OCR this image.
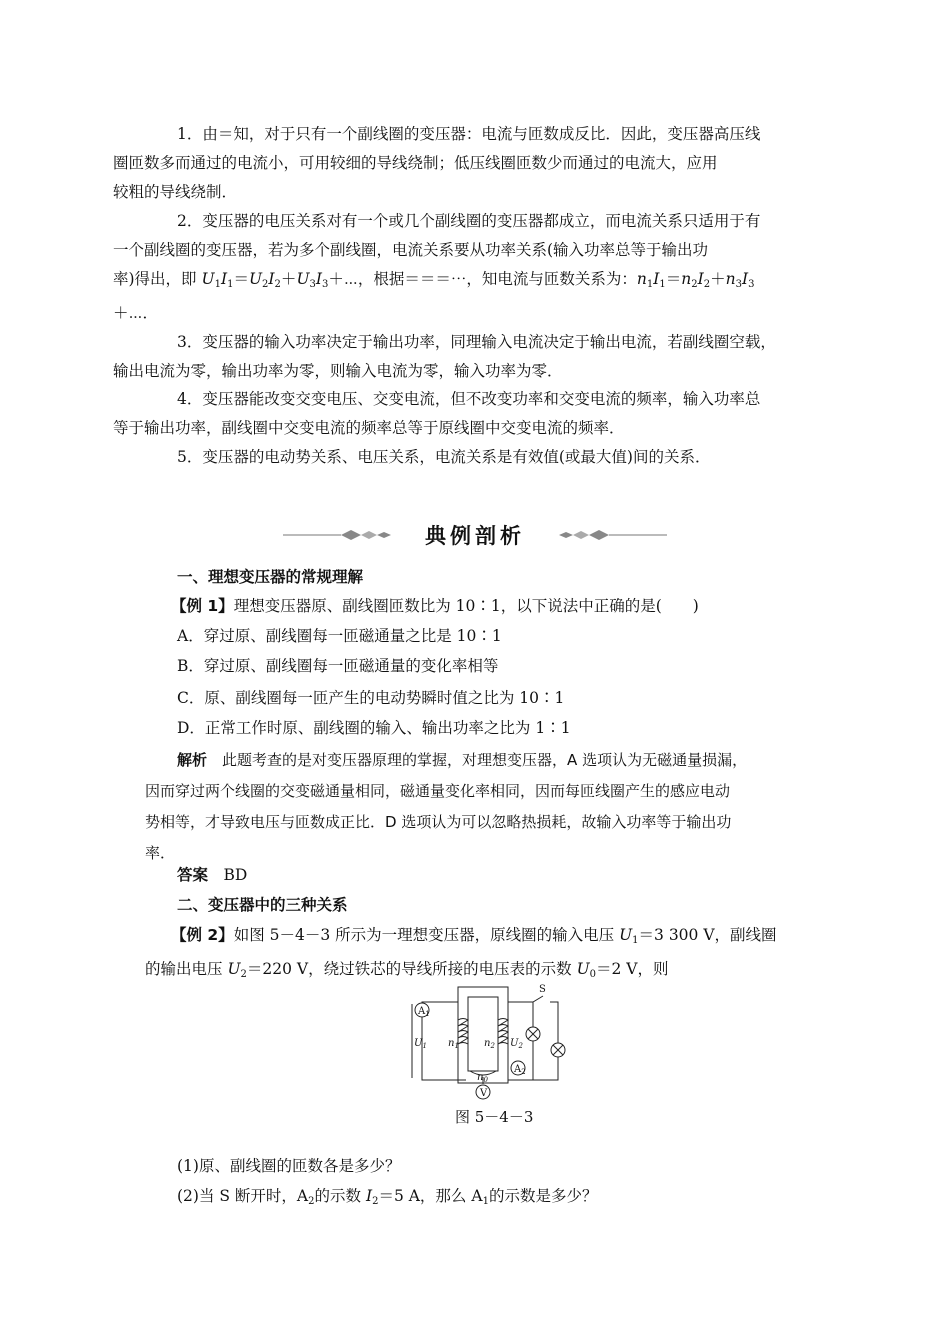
1．由＝知，对于只有一个副线圈的变压器：电流与匝数成反比．因此，变压器高压线
圈匝数多而通过的电流小，可用较细的导线绕制；低压线圈匝数少而通过的电流大，应用
较粗的导线绕制．
2．变压器的电压关系对有一个或几个副线圈的变压器都成立，而电流关系只适用于有
一个副线圈的变压器，若为多个副线圈，电流关系要从功率关系(输入功率总等于输出功
率)得出，即 $U_1I_1=U_2I_2+U_3I_3+\cdots$，根据＝＝＝⋯，知电流与匝数关系为：$n_1I_1=n_2I_2+n_3I_3$
＋⋯．
3．变压器的输入功率决定于输出功率，同理输入电流决定于输出电流，若副线圈空载，
输出电流为零，输出功率为零，则输入电流为零，输入功率为零．
4．变压器能改变交变电压、交变电流，但不改变功率和交变电流的频率，输入功率总
等于输出功率，副线圈中交变电流的频率总等于原线圈中交变电流的频率．
5．变压器的电动势关系、电压关系，电流关系是有效值(或最大值)间的关系．
典例剖析
一、理想变压器的常规理解
【例 1】理想变压器原、副线圈匝数比为 10∶1，以下说法中正确的是(　　)
A．穿过原、副线圈每一匝磁通量之比是 10∶1
B．穿过原、副线圈每一匝磁通量的变化率相等
C．原、副线圈每一匝产生的电动势瞬时值之比为 10∶1
D．正常工作时原、副线圈的输入、输出功率之比为 1∶1
解析　 此题考查的是对变压器原理的掌握，对理想变压器，A 选项认为无磁通量损漏，
因而穿过两个线圈的交变磁通量相同，磁通量变化率相同，因而每匝线圈产生的感应电动
势相等，才导致电压与匝数成正比．D 选项认为可以忽略热损耗，故输入功率等于输出功
率．
答案　 BD
二、变压器中的三种关系
【例 2】如图 5－4－3 所示为一理想变压器，原线圈的输入电压 $U_1=3$ 300 V，副线圈
的输出电压 $U_2=220$ V，绕过铁芯的导线所接的电压表的示数 $U_0=2$ V，则
$A_1$
$A_2$
V
S
$U_1$	$U_2$
$n_1$	$n_2$
$n_0$
图 5－4－3
(1)原、副线圈的匝数各是多少？
(2)当 S 断开时，$A_2$的示数 $I_2=5$ A，那么 $A_1$的示数是多少？
